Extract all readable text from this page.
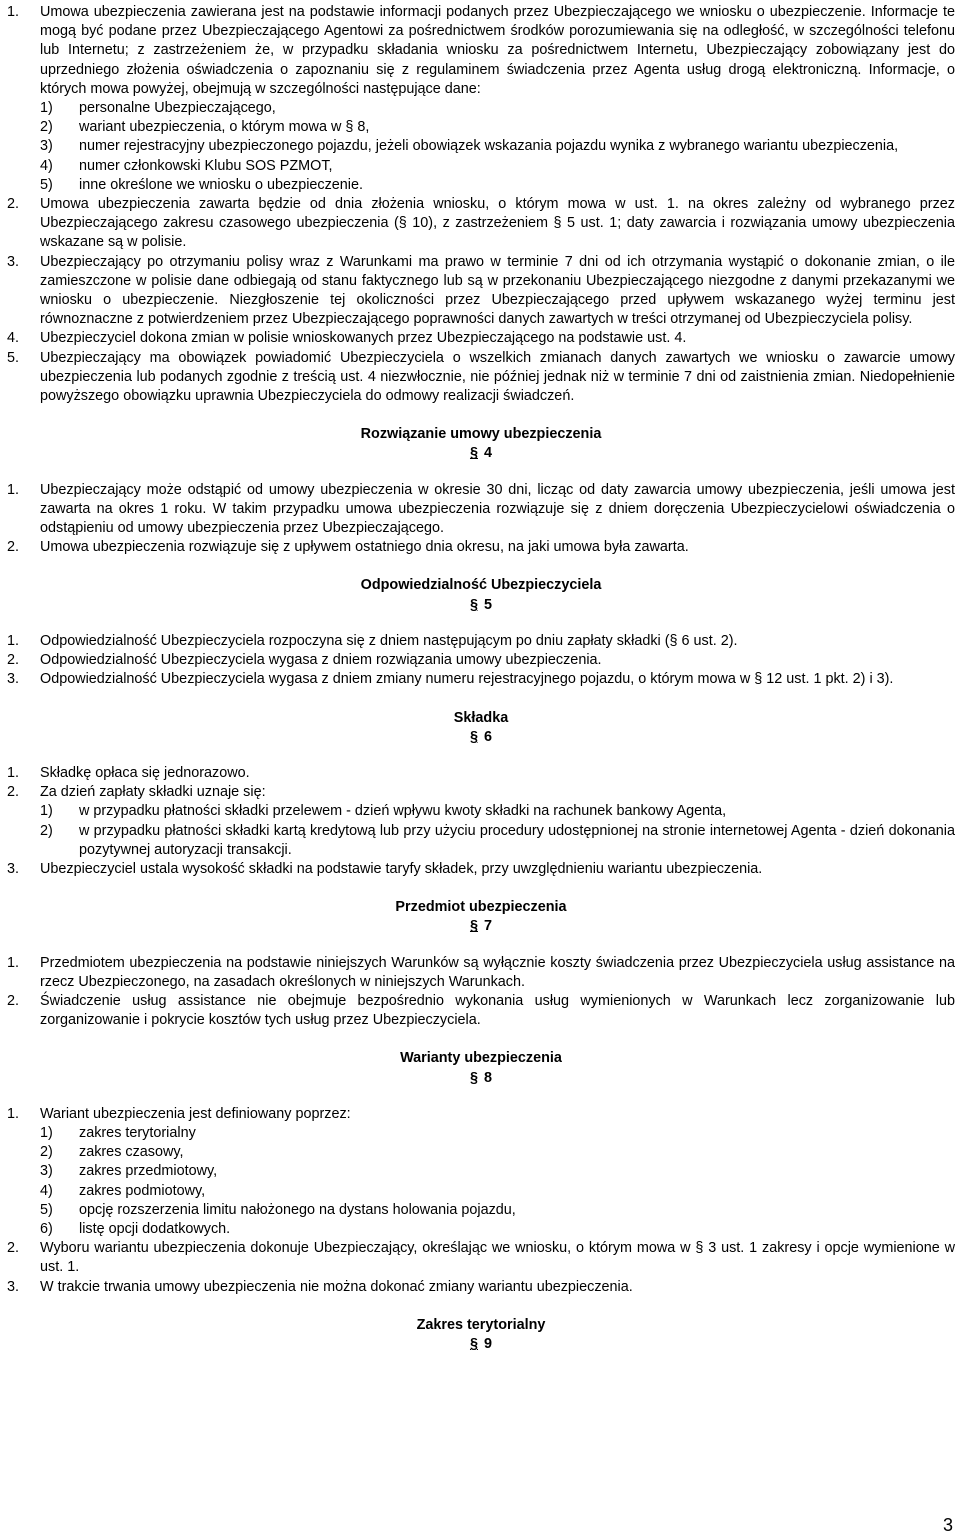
1.	Umowa ubezpieczenia zawierana jest na podstawie informacji podanych przez Ubezpieczającego we wniosku o ubezpieczenie. Informacje te mogą być podane przez Ubezpieczającego Agentowi za pośrednictwem środków porozumiewania się na odległość, w szczególności telefonu lub Internetu; z zastrzeżeniem że, w przypadku składania wniosku za pośrednictwem Internetu, Ubezpieczający zobowiązany jest do uprzedniego złożenia oświadczenia o zapoznaniu się z regulaminem świadczenia przez Agenta usług drogą elektroniczną. Informacje, o których mowa powyżej, obejmują w szczególności następujące dane:
1)	personalne Ubezpieczającego,
2)	wariant ubezpieczenia, o którym mowa w § 8,
3)	numer rejestracyjny ubezpieczonego pojazdu, jeżeli obowiązek wskazania pojazdu wynika z wybranego wariantu ubezpieczenia,
4)	numer członkowski Klubu SOS PZMOT,
5)	inne określone we wniosku o ubezpieczenie.
2.	Umowa ubezpieczenia zawarta będzie od dnia złożenia wniosku, o którym mowa w ust. 1. na okres zależny od wybranego przez Ubezpieczającego zakresu czasowego ubezpieczenia (§ 10), z zastrzeżeniem § 5 ust. 1; daty zawarcia i rozwiązania umowy ubezpieczenia wskazane są w polisie.
3.	Ubezpieczający po otrzymaniu polisy wraz z Warunkami ma prawo w terminie 7 dni od ich otrzymania wystąpić o dokonanie zmian, o ile zamieszczone w polisie dane odbiegają od stanu faktycznego lub są w przekonaniu Ubezpieczającego niezgodne z danymi przekazanymi we wniosku o ubezpieczenie. Niezgłoszenie tej okoliczności przez Ubezpieczającego przed upływem wskazanego wyżej terminu jest równoznaczne z potwierdzeniem przez Ubezpieczającego poprawności danych zawartych w treści otrzymanej od Ubezpieczyciela polisy.
4.	Ubezpieczyciel dokona zmian w polisie wnioskowanych przez Ubezpieczającego na podstawie ust. 4.
5.	Ubezpieczający ma obowiązek powiadomić Ubezpieczyciela o wszelkich zmianach danych zawartych we wniosku o zawarcie umowy ubezpieczenia lub podanych zgodnie z treścią ust. 4 niezwłocznie, nie później jednak niż w terminie 7 dni od zaistnienia zmian. Niedopełnienie powyższego obowiązku uprawnia Ubezpieczyciela do odmowy realizacji świadczeń.
Rozwiązanie umowy ubezpieczenia
§ 4
1.	Ubezpieczający może odstąpić od umowy ubezpieczenia w okresie 30 dni, licząc od daty zawarcia umowy ubezpieczenia, jeśli umowa jest zawarta na okres 1 roku. W takim przypadku umowa ubezpieczenia rozwiązuje się z dniem doręczenia Ubezpieczycielowi oświadczenia o odstąpieniu od umowy ubezpieczenia przez Ubezpieczającego.
2.	Umowa ubezpieczenia rozwiązuje się z upływem ostatniego dnia okresu, na jaki umowa była zawarta.
Odpowiedzialność Ubezpieczyciela
§ 5
1.	Odpowiedzialność Ubezpieczyciela rozpoczyna się z dniem następującym po dniu zapłaty składki (§ 6 ust. 2).
2.	Odpowiedzialność Ubezpieczyciela wygasa z dniem rozwiązania umowy ubezpieczenia.
3.	Odpowiedzialność Ubezpieczyciela wygasa z dniem zmiany numeru rejestracyjnego pojazdu, o którym mowa w § 12 ust. 1 pkt. 2) i 3).
Składka
§ 6
1.	Składkę opłaca się jednorazowo.
2.	Za dzień zapłaty składki uznaje się:
1)	w przypadku płatności składki przelewem - dzień wpływu kwoty składki na rachunek bankowy Agenta,
2)	w przypadku płatności składki kartą kredytową lub przy użyciu procedury udostępnionej na stronie internetowej Agenta - dzień dokonania pozytywnej autoryzacji transakcji.
3.	Ubezpieczyciel ustala wysokość składki na podstawie taryfy składek, przy uwzględnieniu wariantu ubezpieczenia.
Przedmiot ubezpieczenia
§ 7
1.	Przedmiotem ubezpieczenia na podstawie niniejszych Warunków są wyłącznie koszty świadczenia przez Ubezpieczyciela usług assistance na rzecz Ubezpieczonego, na zasadach określonych w niniejszych Warunkach.
2.	Świadczenie usług assistance nie obejmuje bezpośrednio wykonania usług wymienionych w Warunkach lecz zorganizowanie lub zorganizowanie i pokrycie kosztów tych usług przez Ubezpieczyciela.
Warianty ubezpieczenia
§ 8
1.	Wariant ubezpieczenia jest definiowany poprzez:
1)	zakres terytorialny
2)	zakres czasowy,
3)	zakres przedmiotowy,
4)	zakres podmiotowy,
5)	opcję rozszerzenia limitu nałożonego na dystans holowania pojazdu,
6)	listę opcji dodatkowych.
2.	Wyboru wariantu ubezpieczenia dokonuje Ubezpieczający, określając we wniosku, o którym mowa w § 3 ust. 1 zakresy i opcje wymienione w ust. 1.
3.	W trakcie trwania umowy ubezpieczenia nie można dokonać zmiany wariantu ubezpieczenia.
Zakres terytorialny
§ 9
3
